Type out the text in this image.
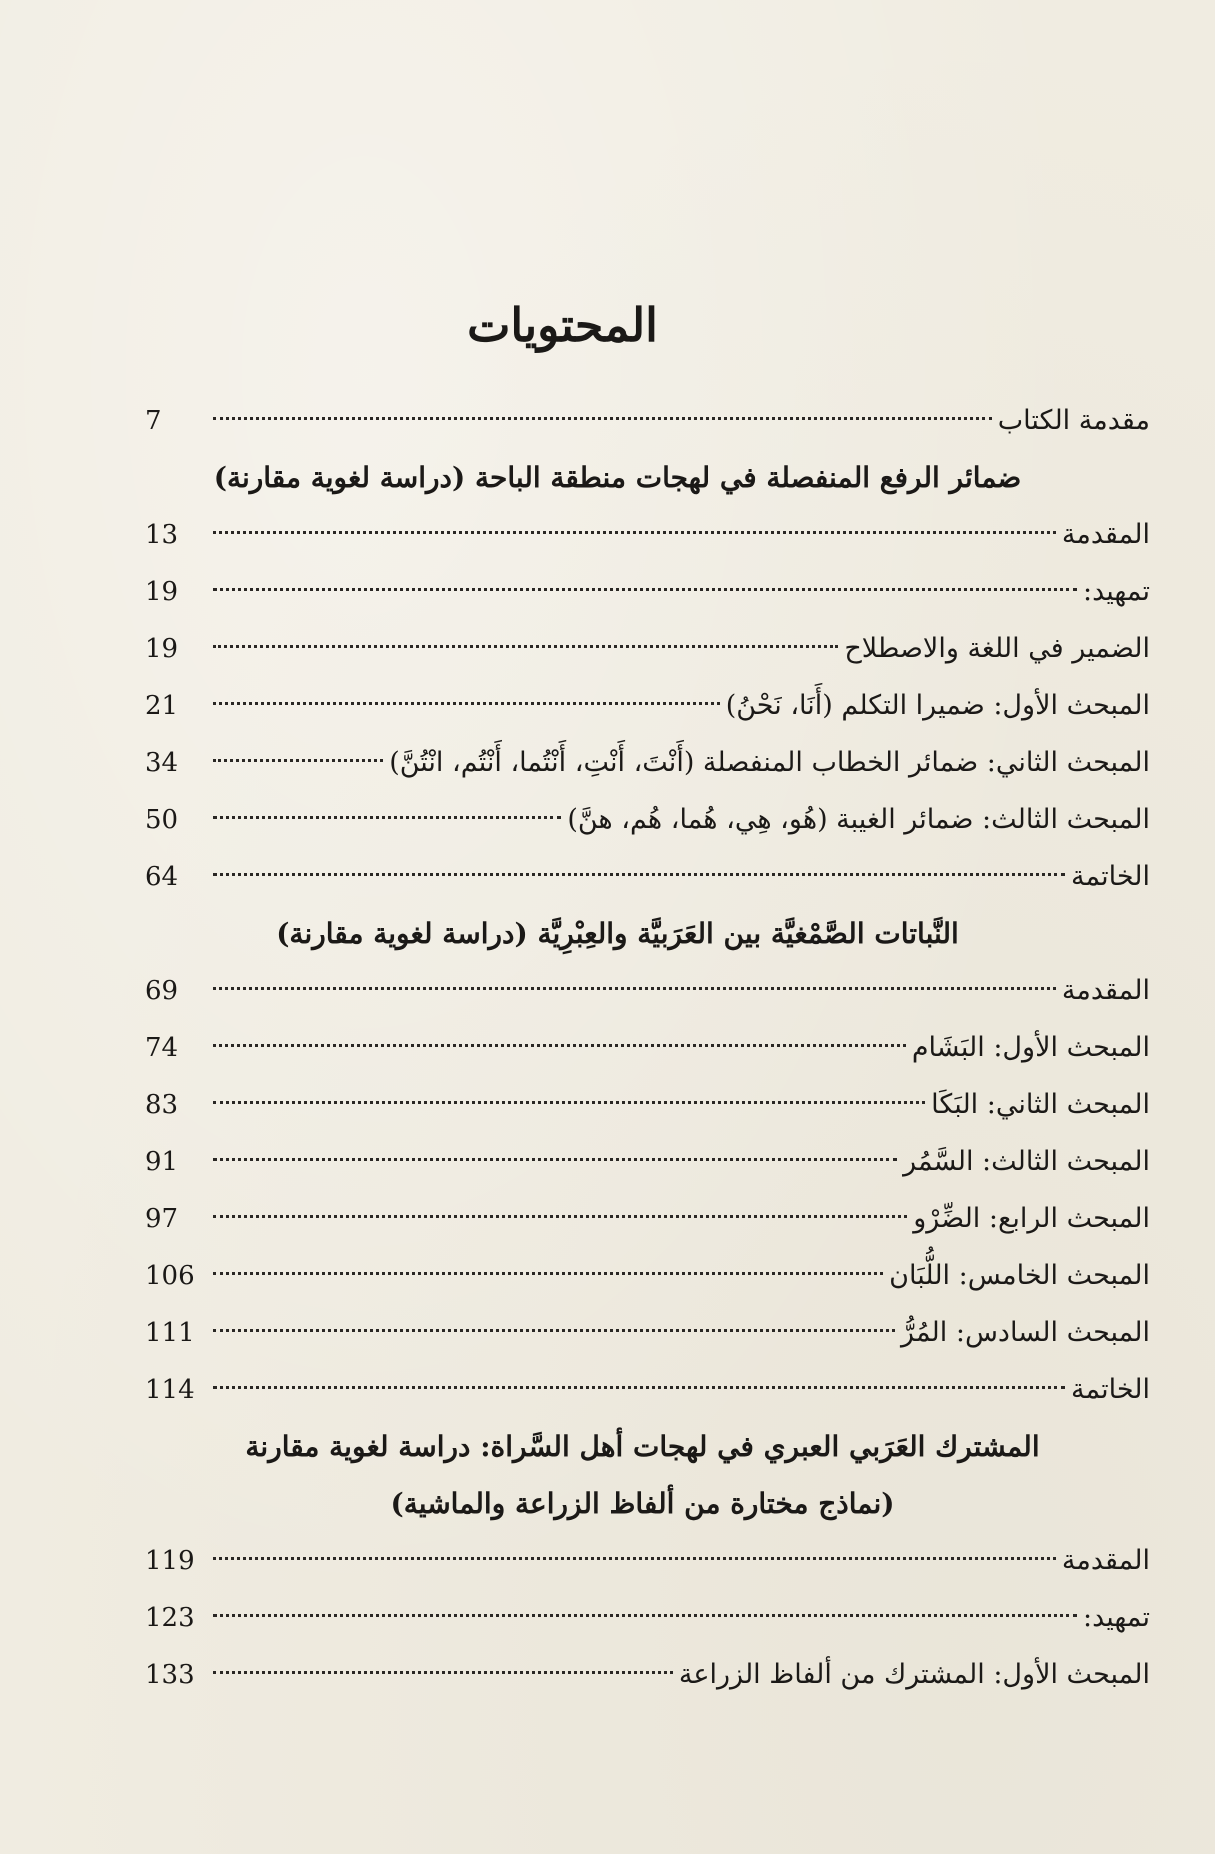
المحتويات
مقدمة الكتاب
7
ضمائر الرفع المنفصلة في لهجات منطقة الباحة (دراسة لغوية مقارنة)
المقدمة
13
تمهيد:
19
الضمير في اللغة والاصطلاح
19
المبحث الأول: ضميرا التكلم (أَنَا، نَحْنُ)
21
المبحث الثاني: ضمائر الخطاب المنفصلة (أَنْتَ، أَنْتِ، أَنْتُما، أَنْتُم، انْتُنَّ)
34
المبحث الثالث: ضمائر الغيبة (هُو، هِي، هُما، هُم، هنَّ)
50
الخاتمة
64
النَّباتات الصَّمْغيَّة بين العَرَبيَّة والعِبْرِيَّة (دراسة لغوية مقارنة)
المقدمة
69
المبحث الأول: البَشَام
74
المبحث الثاني: البَكَا
83
المبحث الثالث: السَّمُر
91
المبحث الرابع: الضِّرْو
97
المبحث الخامس: اللُّبَان
106
المبحث السادس: المُرُّ
111
الخاتمة
114
المشترك العَرَبي العبري في لهجات أهل السَّراة: دراسة لغوية مقارنة
(نماذج مختارة من ألفاظ الزراعة والماشية)
المقدمة
119
تمهيد:
123
المبحث الأول: المشترك من ألفاظ الزراعة
133
